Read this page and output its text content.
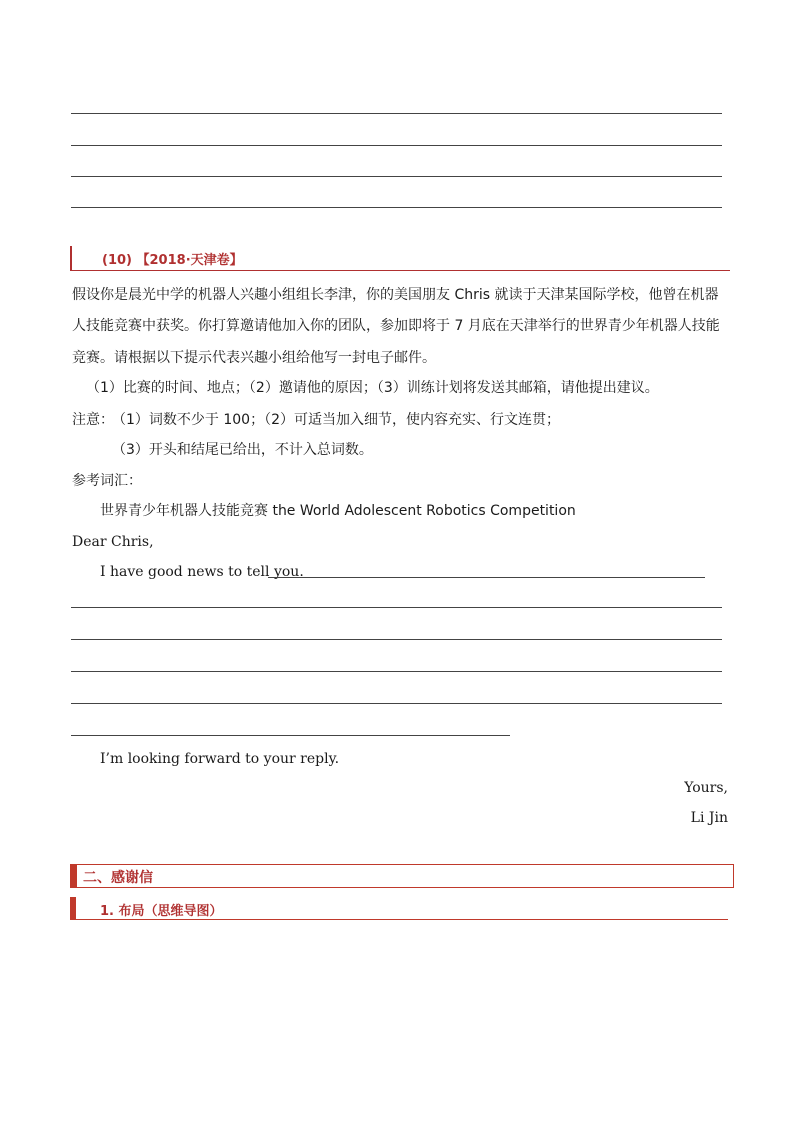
(10) 【2018·天津卷】
假设你是晨光中学的机器人兴趣小组组长李津，你的美国朋友 Chris 就读于天津某国际学校，他曾在机器
人技能竞赛中获奖。你打算邀请他加入你的团队，参加即将于 7 月底在天津举行的世界青少年机器人技能
竞赛。请根据以下提示代表兴趣小组给他写一封电子邮件。
（1）比赛的时间、地点；（2）邀请他的原因；（3）训练计划将发送其邮箱，请他提出建议。
注意：
（1）词数不少于 100；（2）可适当加入细节，使内容充实、行文连贯；
（3）开头和结尾已给出，不计入总词数。
参考词汇：
世界青少年机器人技能竞赛 the World Adolescent Robotics Competition
Dear Chris,
I have good news to tell you.
I’m looking forward to your reply.
Yours,
Li Jin
二、感谢信
1. 布局（思维导图）
